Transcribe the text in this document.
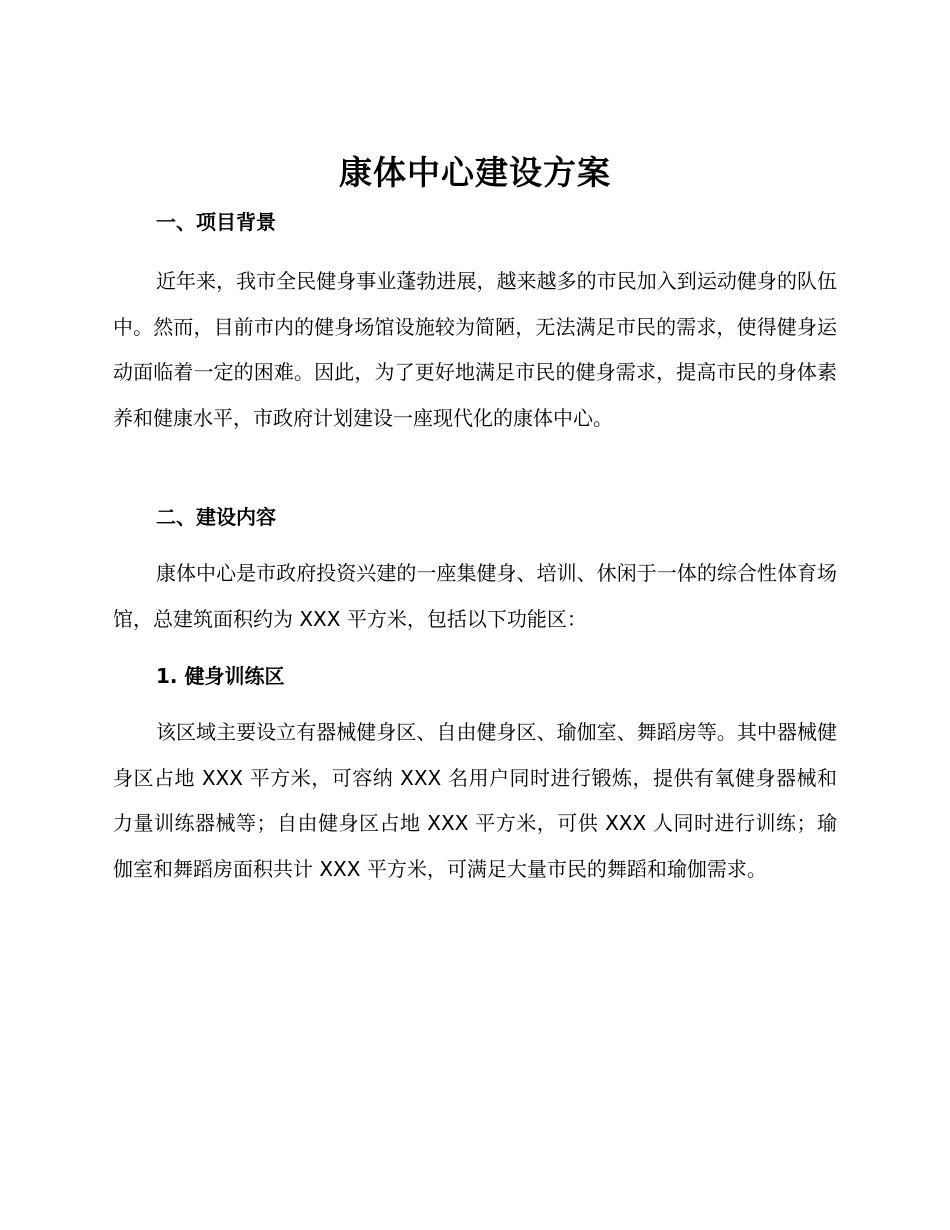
康体中心建设方案
一、项目背景

近年来，我市全民健身事业蓬勃进展，越来越多的市民加入到运动健身的队伍中。然而，目前市内的健身场馆设施较为简陋，无法满足市民的需求，使得健身运动面临着一定的困难。因此，为了更好地满足市民的健身需求，提高市民的身体素养和健康水平，市政府计划建设一座现代化的康体中心。

二、建设内容

康体中心是市政府投资兴建的一座集健身、培训、休闲于一体的综合性体育场馆，总建筑面积约为 XXX 平方米，包括以下功能区：

1. 健身训练区

该区域主要设立有器械健身区、自由健身区、瑜伽室、舞蹈房等。其中器械健身区占地 XXX 平方米，可容纳 XXX 名用户同时进行锻炼，提供有氧健身器械和力量训练器械等；自由健身区占地 XXX 平方米，可供 XXX 人同时进行训练；瑜伽室和舞蹈房面积共计 XXX 平方米，可满足大量市民的舞蹈和瑜伽需求。
